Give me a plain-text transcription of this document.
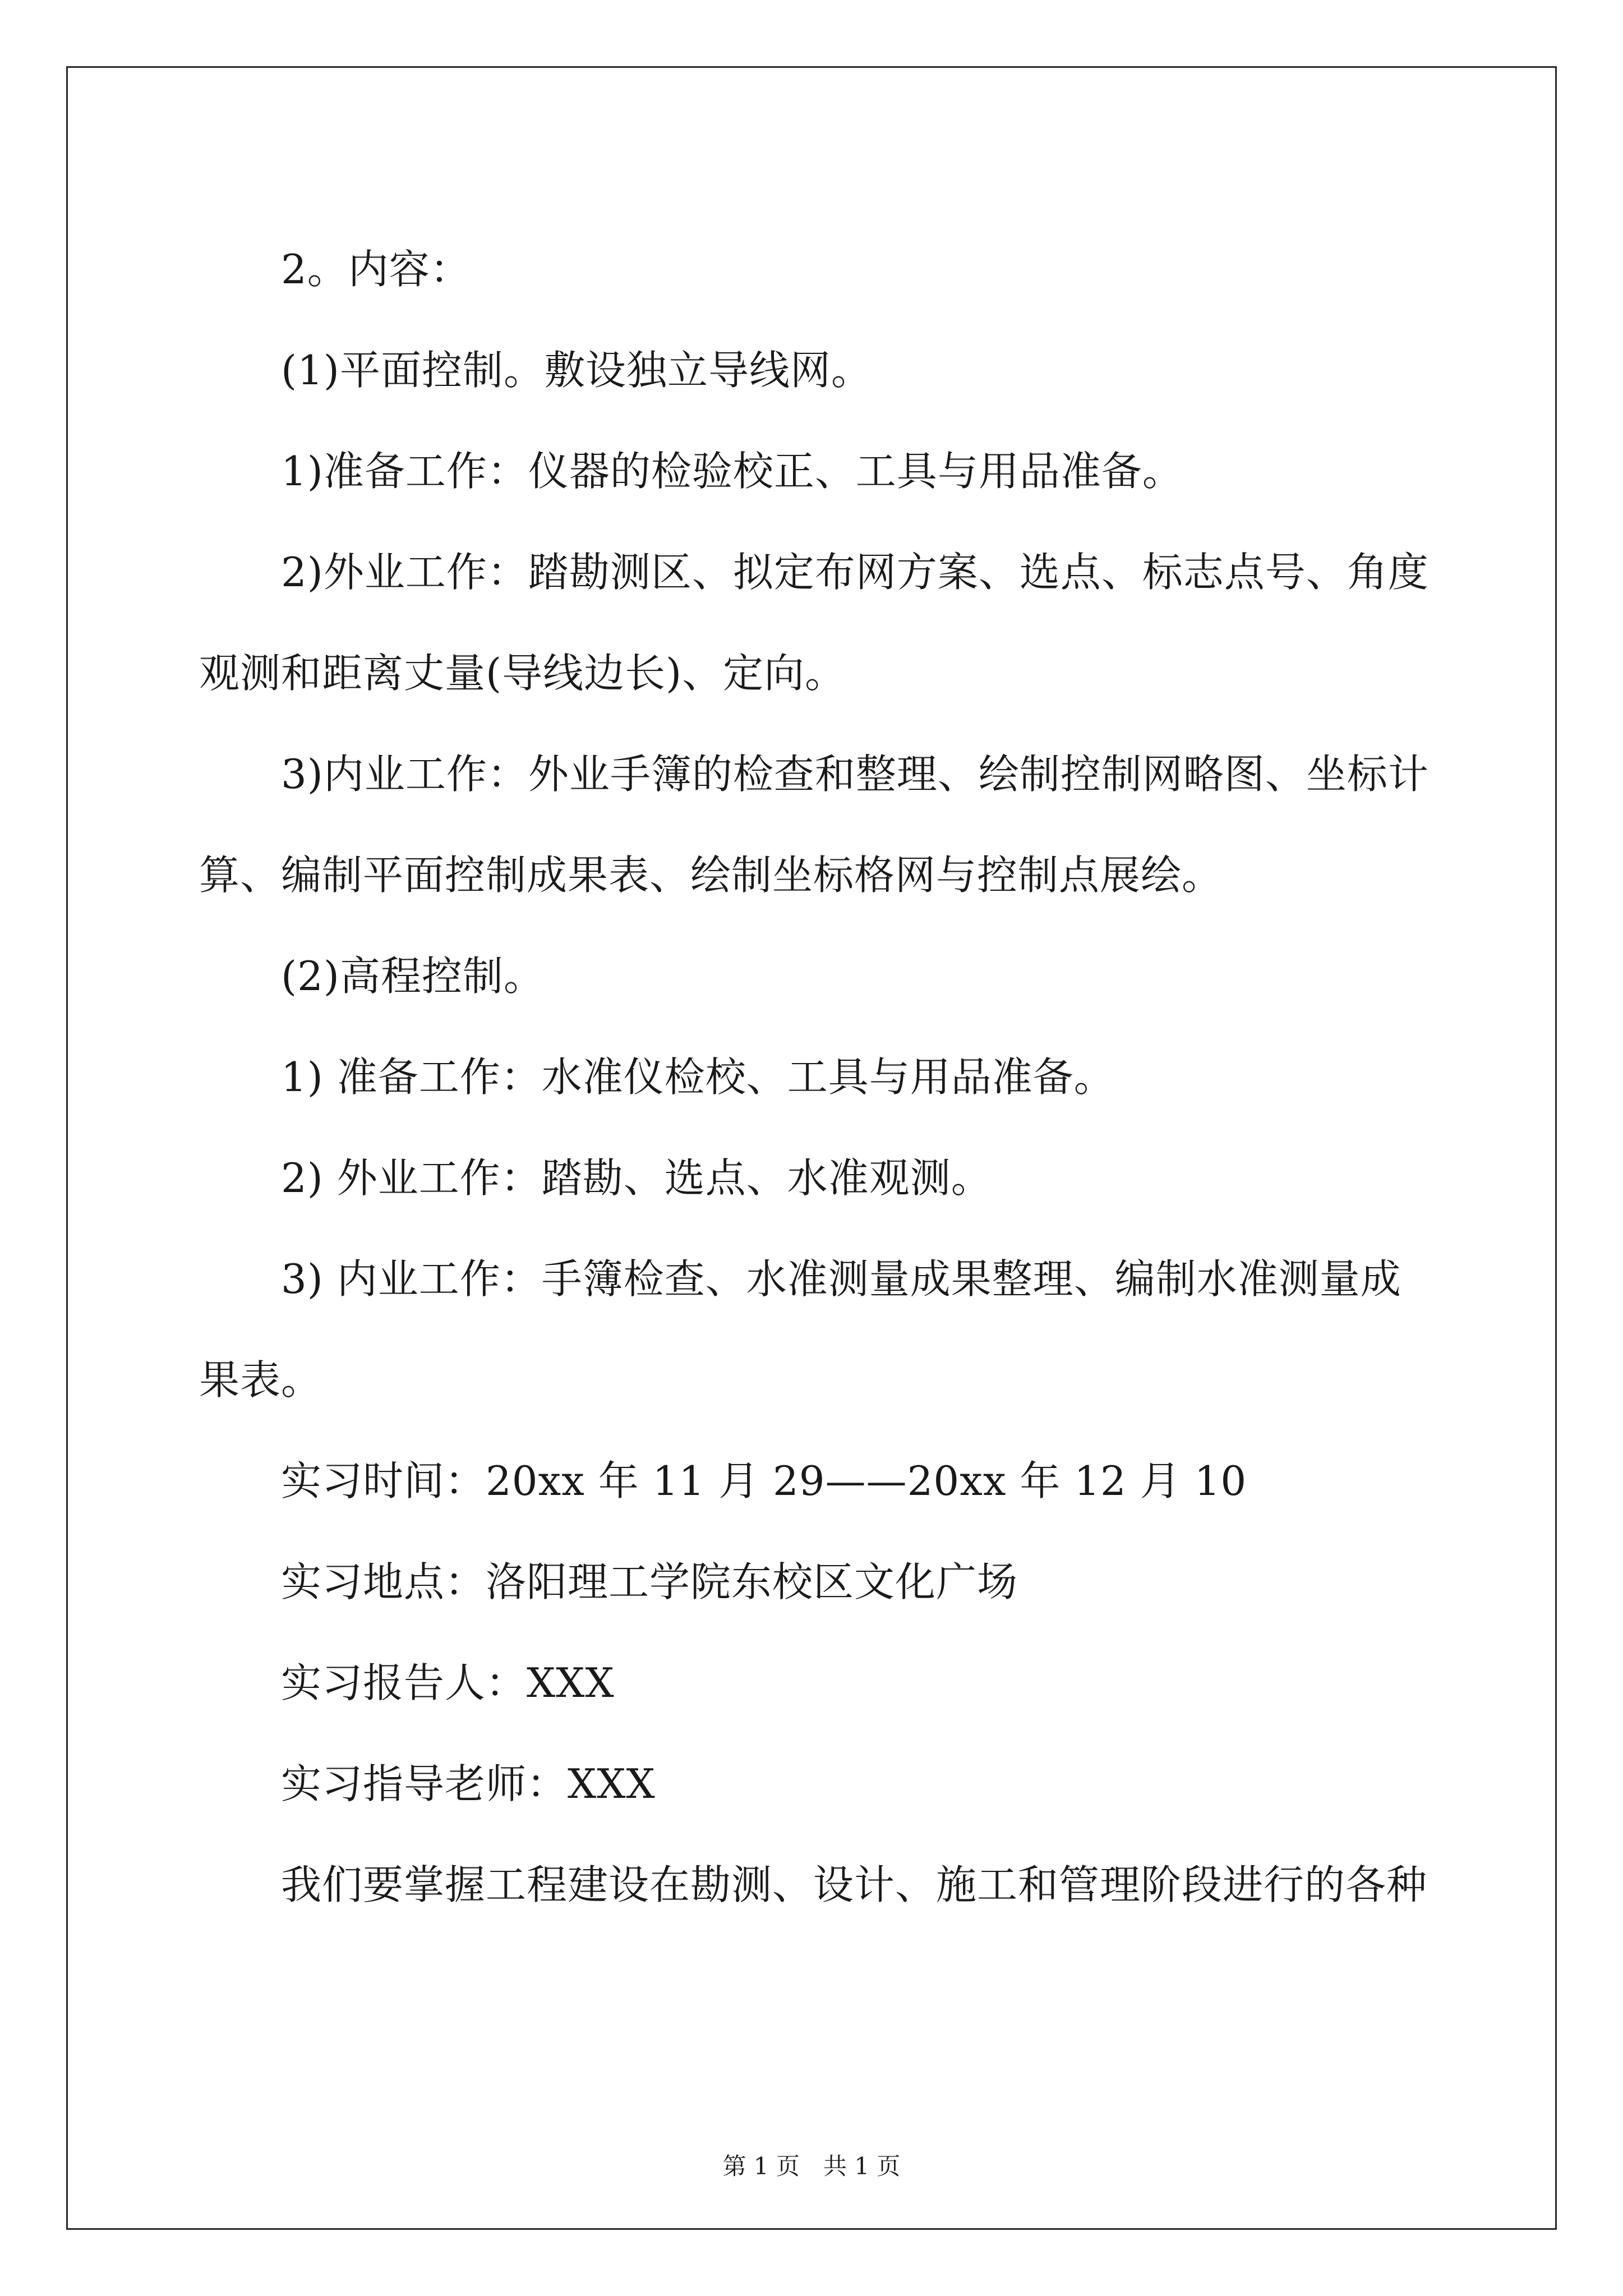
2。内容：

(1)平面控制。敷设独立导线网。

1)准备工作：仪器的检验校正、工具与用品准备。

2)外业工作：踏勘测区、拟定布网方案、选点、标志点号、角度观测和距离丈量(导线边长)、定向。

3)内业工作：外业手簿的检查和整理、绘制控制网略图、坐标计算、编制平面控制成果表、绘制坐标格网与控制点展绘。

(2)高程控制。

1) 准备工作：水准仪检校、工具与用品准备。

2) 外业工作：踏勘、选点、水准观测。

3) 内业工作：手簿检查、水准测量成果整理、编制水准测量成果表。

实习时间：20xx 年 11 月 29——20xx 年 12 月 10

实习地点：洛阳理工学院东校区文化广场

实习报告人：XXX

实习指导老师：XXX

我们要掌握工程建设在勘测、设计、施工和管理阶段进行的各种

第 1 页　共 1 页
